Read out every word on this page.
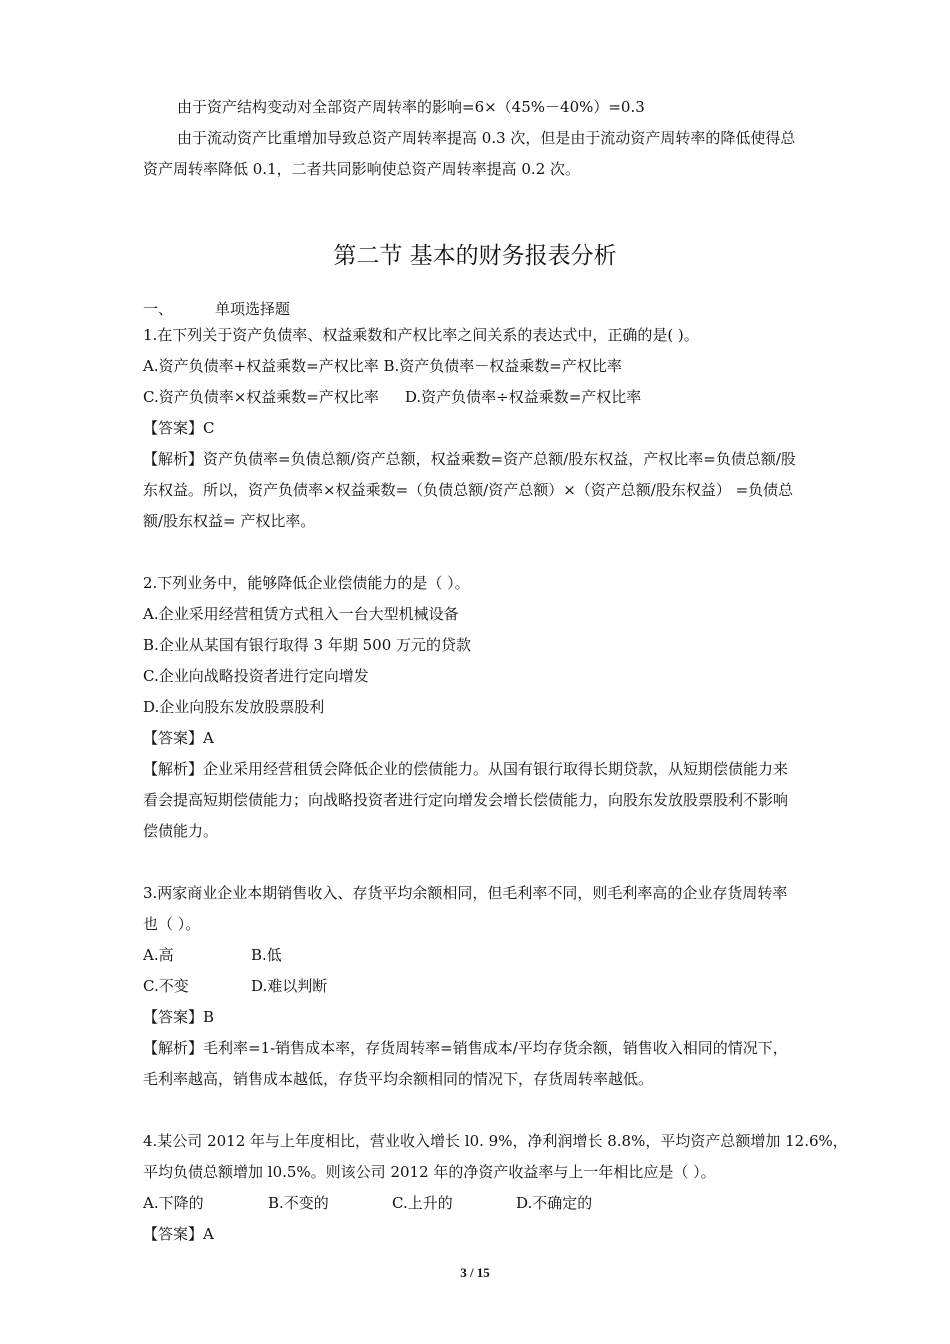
由于资产结构变动对全部资产周转率的影响=6×（45%－40%）=0.3
由于流动资产比重增加导致总资产周转率提高 0.3 次，但是由于流动资产周转率的降低使得总
资产周转率降低 0.1，二者共同影响使总资产周转率提高 0.2 次。
第二节 基本的财务报表分析
一、	单项选择题
1.在下列关于资产负债率、权益乘数和产权比率之间关系的表达式中，正确的是( )。
A.资产负债率+权益乘数=产权比率 B.资产负债率－权益乘数=产权比率
C.资产负债率×权益乘数=产权比率 D.资产负债率÷权益乘数=产权比率
【答案】C
【解析】资产负债率=负债总额/资产总额，权益乘数=资产总额/股东权益，产权比率=负债总额/股
东权益。所以，资产负债率×权益乘数=（负债总额/资产总额）×（资产总额/股东权益） =负债总
额/股东权益= 产权比率。
2.下列业务中，能够降低企业偿债能力的是（ ）。
A.企业采用经营租赁方式租入一台大型机械设备
B.企业从某国有银行取得 3 年期 500 万元的贷款
C.企业向战略投资者进行定向增发
D.企业向股东发放股票股利
【答案】A
【解析】企业采用经营租赁会降低企业的偿债能力。从国有银行取得长期贷款，从短期偿债能力来
看会提高短期偿债能力；向战略投资者进行定向增发会增长偿债能力，向股东发放股票股利不影响
偿债能力。
3.两家商业企业本期销售收入、存货平均余额相同，但毛利率不同，则毛利率高的企业存货周转率
也（ ）。
A.高	B.低
C.不变	D.难以判断
【答案】B
【解析】毛利率=1-销售成本率，存货周转率=销售成本/平均存货余额，销售收入相同的情况下，
毛利率越高，销售成本越低，存货平均余额相同的情况下，存货周转率越低。
4.某公司 2012 年与上年度相比，营业收入增长 l0. 9%，净利润增长 8.8%，平均资产总额增加 12.6%，
平均负债总额增加 l0.5%。则该公司 2012 年的净资产收益率与上一年相比应是（ ）。
A.下降的	B.不变的	C.上升的	D.不确定的
【答案】A
3 / 15
